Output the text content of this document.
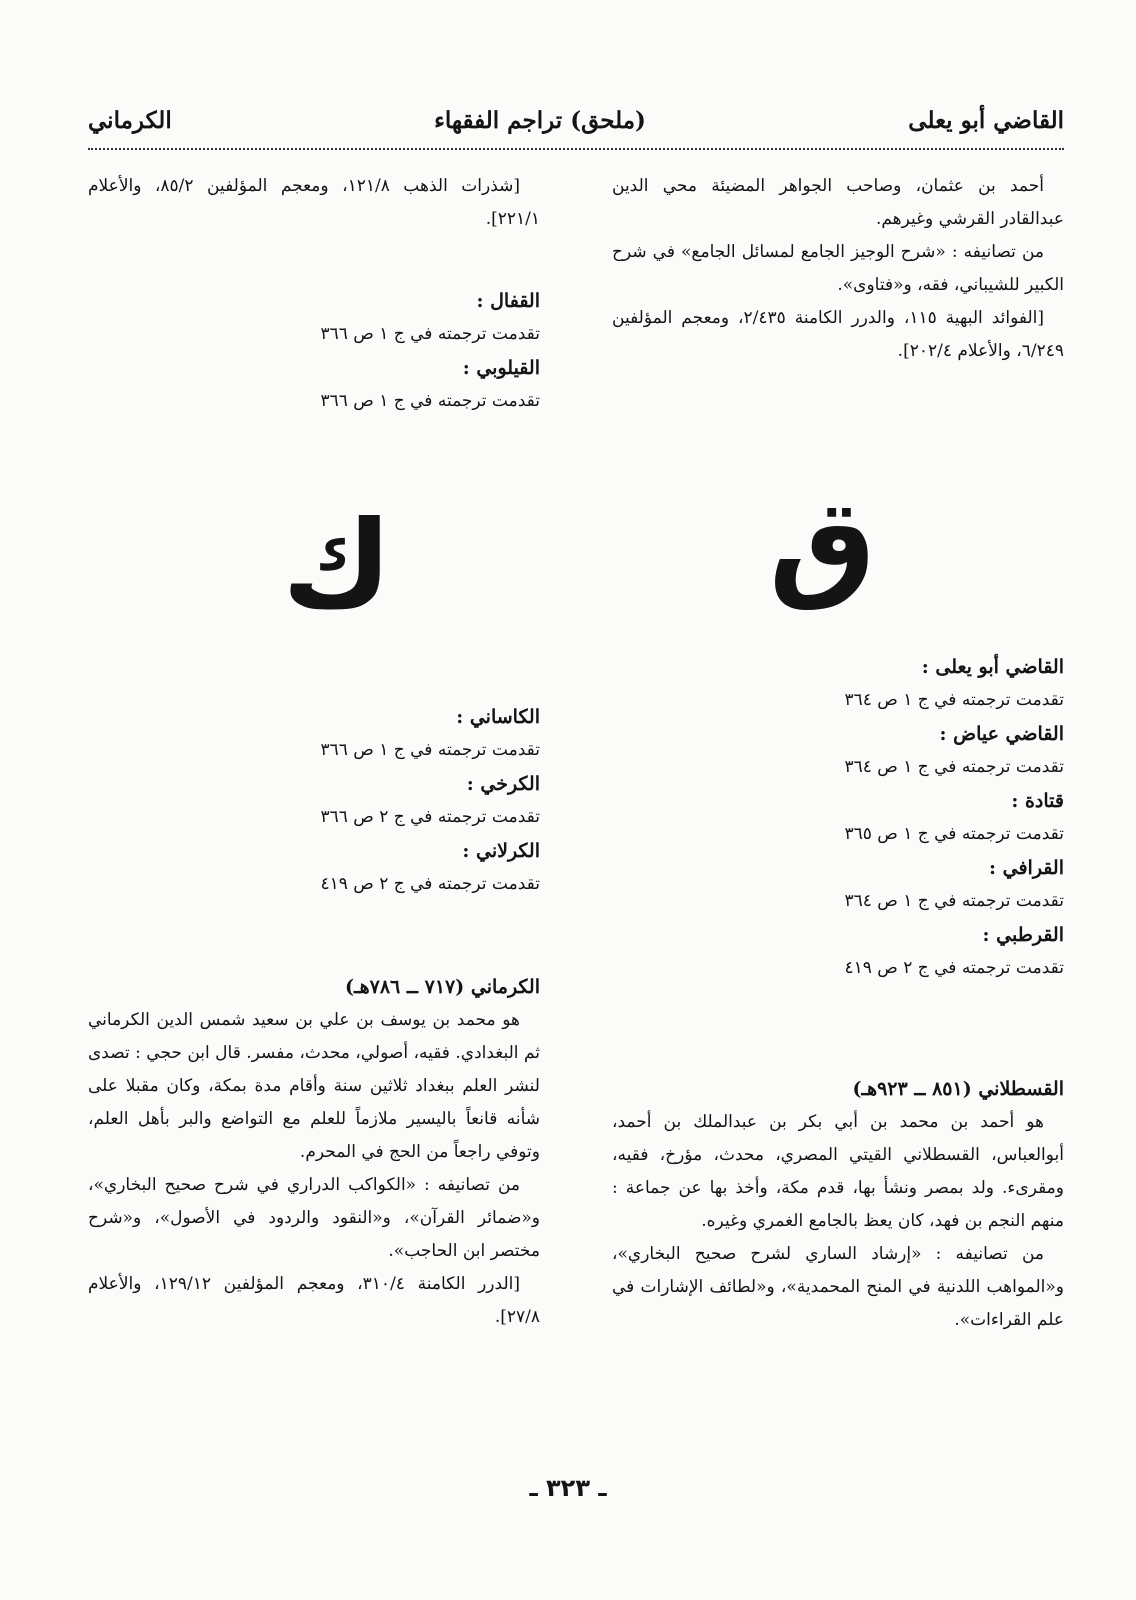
القاضي أبو يعلى
(ملحق) تراجم الفقهاء
الكرماني

أحمد بن عثمان، وصاحب الجواهر المضيئة محي الدين عبدالقادر القرشي وغيرهم.

من تصانيفه : «شرح الوجيز الجامع لمسائل الجامع» في شرح الكبير للشيباني، فقه، و«فتاوى».

[الفوائد البهية ١١٥، والدرر الكامنة ٢/٤٣٥، ومعجم المؤلفين ٦/٢٤٩، والأعلام ٢٠٢/٤].

ق

القاضي أبو يعلى :

تقدمت ترجمته في ج ١ ص ٣٦٤

القاضي عياض :

تقدمت ترجمته في ج ١ ص ٣٦٤

قتادة :

تقدمت ترجمته في ج ١ ص ٣٦٥

القرافي :

تقدمت ترجمته في ج ١ ص ٣٦٤

القرطبي :

تقدمت ترجمته في ج ٢ ص ٤١٩

القسطلاني (٨٥١ ــ ٩٢٣هـ)

هو أحمد بن محمد بن أبي بكر بن عبدالملك بن أحمد، أبوالعباس، القسطلاني القيتي المصري، محدث، مؤرخ، فقيه، ومقرىء. ولد بمصر ونشأ بها، قدم مكة، وأخذ بها عن جماعة : منهم النجم بن فهد، كان يعظ بالجامع الغمري وغيره.

من تصانيفه : «إرشاد الساري لشرح صحيح البخاري»، و«المواهب اللدنية في المنح المحمدية»، و«لطائف الإشارات في علم القراءات».

[شذرات الذهب ١٢١/٨، ومعجم المؤلفين ٨٥/٢، والأعلام ٢٢١/١].

القفال :

تقدمت ترجمته في ج ١ ص ٣٦٦

القيلوبي :

تقدمت ترجمته في ج ١ ص ٣٦٦

ك

الكاساني :

تقدمت ترجمته في ج ١ ص ٣٦٦

الكرخي :

تقدمت ترجمته في ج ٢ ص ٣٦٦

الكرلاني :

تقدمت ترجمته في ج ٢ ص ٤١٩

الكرماني (٧١٧ ــ ٧٨٦هـ)

هو محمد بن يوسف بن علي بن سعيد شمس الدين الكرماني ثم البغدادي. فقيه، أصولي، محدث، مفسر. قال ابن حجي : تصدى لنشر العلم ببغداد ثلاثين سنة وأقام مدة بمكة، وكان مقبلا على شأنه قانعاً باليسير ملازماً للعلم مع التواضع والبر بأهل العلم، وتوفي راجعاً من الحج في المحرم.

من تصانيفه : «الكواكب الدراري في شرح صحيح البخاري»، و«ضمائر القرآن»، و«النقود والردود في الأصول»، و«شرح مختصر ابن الحاجب».

[الدرر الكامنة ٣١٠/٤، ومعجم المؤلفين ١٢٩/١٢، والأعلام ٢٧/٨].

ـ ٣٢٣ ـ
